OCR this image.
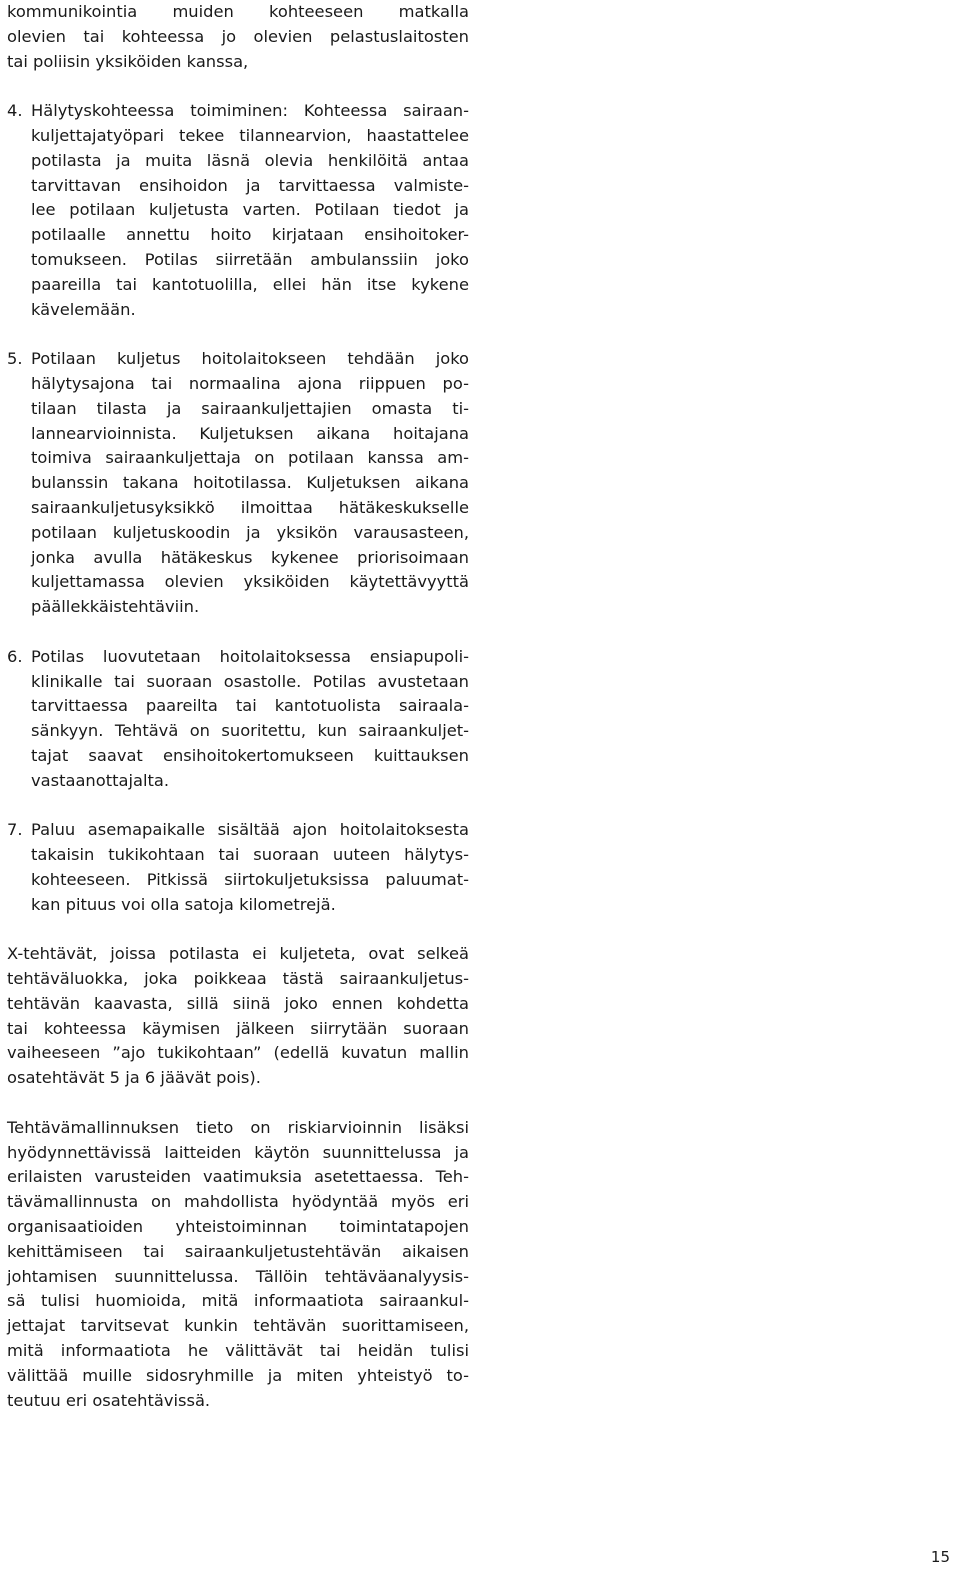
kommunikointia muiden kohteeseen matkalla
olevien tai kohteessa jo olevien pelastuslaitosten
tai poliisin yksiköiden kanssa,
4. Hälytyskohteessa toimiminen: Kohteessa sairaan-
kuljettajatyöpari tekee tilannearvion, haastattelee
potilasta ja muita läsnä olevia henkilöitä antaa
tarvittavan ensihoidon ja tarvittaessa valmiste-
lee potilaan kuljetusta varten. Potilaan tiedot ja
potilaalle annettu hoito kirjataan ensihoitoker-
tomukseen. Potilas siirretään ambulanssiin joko
paareilla tai kantotuolilla, ellei hän itse kykene
kävelemään.
5. Potilaan kuljetus hoitolaitokseen tehdään joko
hälytysajona tai normaalina ajona riippuen po-
tilaan tilasta ja sairaankuljettajien omasta ti-
lannearvioinnista. Kuljetuksen aikana hoitajana
toimiva sairaankuljettaja on potilaan kanssa am-
bulanssin takana hoitotilassa. Kuljetuksen aikana
sairaankuljetusyksikkö ilmoittaa hätäkeskukselle
potilaan kuljetuskoodin ja yksikön varausasteen,
jonka avulla hätäkeskus kykenee priorisoimaan
kuljettamassa olevien yksiköiden käytettävyyttä
päällekkäistehtäviin.
6. Potilas luovutetaan hoitolaitoksessa ensiapupoli-
klinikalle tai suoraan osastolle. Potilas avustetaan
tarvittaessa paareilta tai kantotuolista sairaala-
sänkyyn. Tehtävä on suoritettu, kun sairaankuljet-
tajat saavat ensihoitokertomukseen kuittauksen
vastaanottajalta.
7. Paluu asemapaikalle sisältää ajon hoitolaitoksesta
takaisin tukikohtaan tai suoraan uuteen hälytys-
kohteeseen. Pitkissä siirtokuljetuksissa paluumat-
kan pituus voi olla satoja kilometrejä.
X-tehtävät, joissa potilasta ei kuljeteta, ovat selkeä
tehtäväluokka, joka poikkeaa tästä sairaankuljetus-
tehtävän kaavasta, sillä siinä joko ennen kohdetta
tai kohteessa käymisen jälkeen siirrytään suoraan
vaiheeseen ”ajo tukikohtaan” (edellä kuvatun mallin
osatehtävät 5 ja 6 jäävät pois).
Tehtävämallinnuksen tieto on riskiarvioinnin lisäksi
hyödynnettävissä laitteiden käytön suunnittelussa ja
erilaisten varusteiden vaatimuksia asetettaessa. Teh-
tävämallinnusta on mahdollista hyödyntää myös eri
organisaatioiden yhteistoiminnan toimintatapojen
kehittämiseen tai sairaankuljetustehtävän aikaisen
johtamisen suunnittelussa. Tällöin tehtäväanalyysis-
sä tulisi huomioida, mitä informaatiota sairaankul-
jettajat tarvitsevat kunkin tehtävän suorittamiseen,
mitä informaatiota he välittävät tai heidän tulisi
välittää muille sidosryhmille ja miten yhteistyö to-
teutuu eri osatehtävissä.
15
